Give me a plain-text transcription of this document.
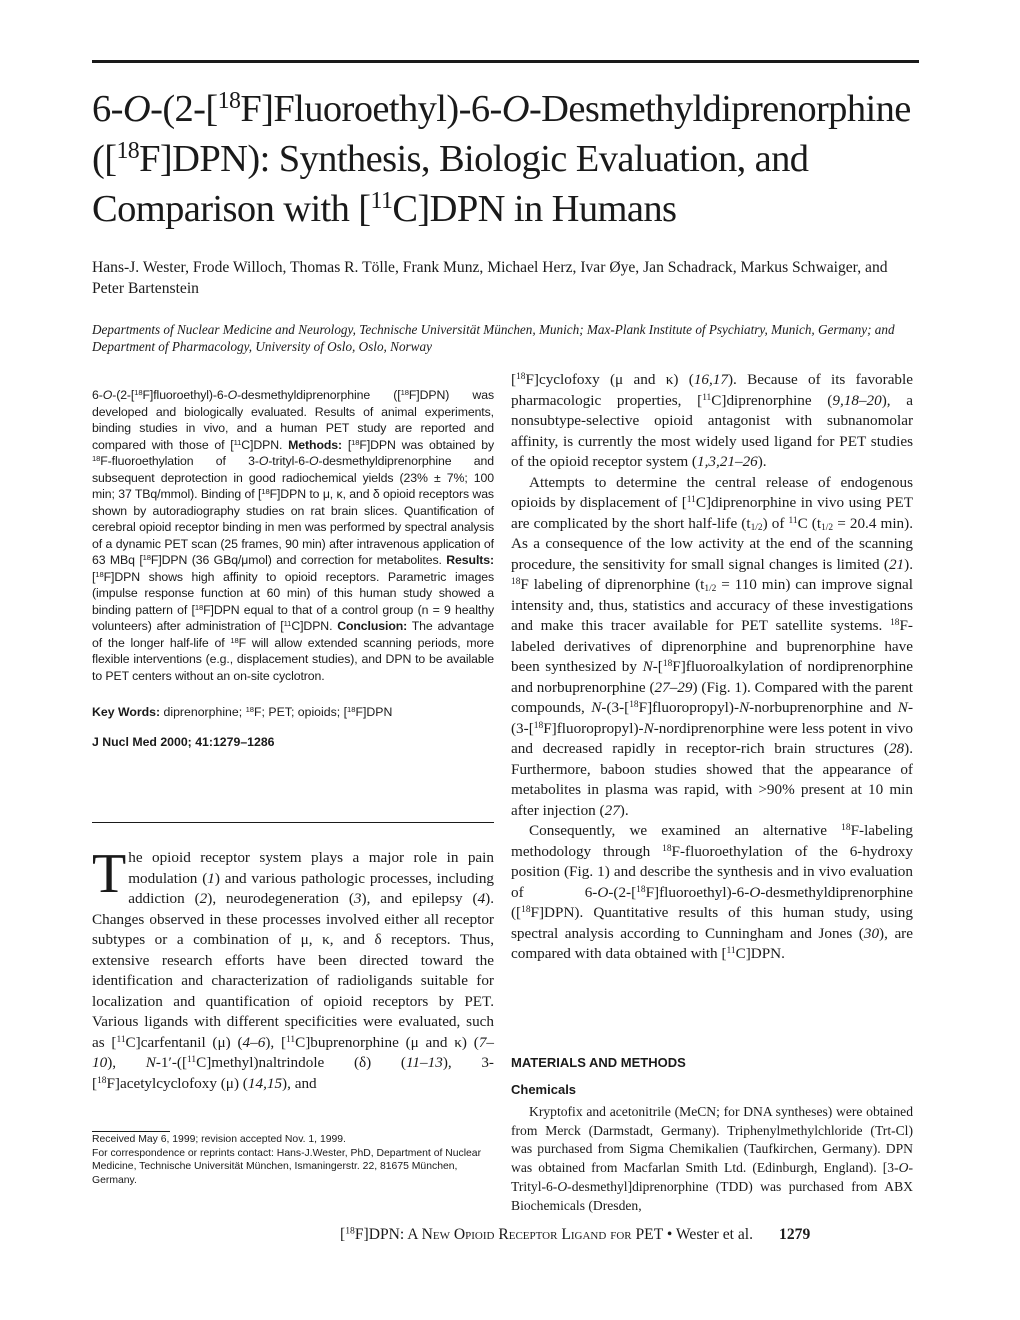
6-O-(2-[$^{18}$F]Fluoroethyl)-6-O-Desmethyldiprenorphine
([$^{18}$F]DPN): Synthesis, Biologic Evaluation, and
Comparison with [$^{11}$C]DPN in Humans
Hans-J. Wester, Frode Willoch, Thomas R. Tölle, Frank Munz, Michael Herz, Ivar Øye, Jan Schadrack, Markus Schwaiger, and Peter Bartenstein
Departments of Nuclear Medicine and Neurology, Technische Universität München, Munich; Max-Plank Institute of Psychiatry, Munich, Germany; and Department of Pharmacology, University of Oslo, Oslo, Norway
6-O-(2-[$^{18}$F]fluoroethyl)-6-O-desmethyldiprenorphine ([$^{18}$F]DPN) was developed and biologically evaluated. Results of animal experiments, binding studies in vivo, and a human PET study are reported and compared with those of [$^{11}$C]DPN. Methods: [$^{18}$F]DPN was obtained by $^{18}$F-fluoroethylation of 3-O-trityl-6-O-desmethyldiprenorphine and subsequent deprotection in good radiochemical yields (23% ± 7%; 100 min; 37 TBq/mmol). Binding of [$^{18}$F]DPN to μ, κ, and δ opioid receptors was shown by autoradiography studies on rat brain slices. Quantification of cerebral opioid receptor binding in men was performed by spectral analysis of a dynamic PET scan (25 frames, 90 min) after intravenous application of 63 MBq [$^{18}$F]DPN (36 GBq/μmol) and correction for metabolites. Results: [$^{18}$F]DPN shows high affinity to opioid receptors. Parametric images (impulse response function at 60 min) of this human study showed a binding pattern of [$^{18}$F]DPN equal to that of a control group (n = 9 healthy volunteers) after administration of [$^{11}$C]DPN. Conclusion: The advantage of the longer half-life of $^{18}$F will allow extended scanning periods, more flexible interventions (e.g., displacement studies), and DPN to be available to PET centers without an on-site cyclotron.
Key Words: diprenorphine; $^{18}$F; PET; opioids; [$^{18}$F]DPN
J Nucl Med 2000; 41:1279–1286
The opioid receptor system plays a major role in pain modulation (1) and various pathologic processes, including addiction (2), neurodegeneration (3), and epilepsy (4). Changes observed in these processes involved either all receptor subtypes or a combination of μ, κ, and δ receptors. Thus, extensive research efforts have been directed toward the identification and characterization of radioligands suitable for localization and quantification of opioid receptors by PET. Various ligands with different specificities were evaluated, such as [$^{11}$C]carfentanil (μ) (4–6), [$^{11}$C]buprenorphine (μ and κ) (7–10), N-1′-([$^{11}$C]methyl)naltrindole (δ) (11–13), 3-[$^{18}$F]acetylcyclofoxy (μ) (14,15), and
Received May 6, 1999; revision accepted Nov. 1, 1999.
For correspondence or reprints contact: Hans-J.Wester, PhD, Department of Nuclear Medicine, Technische Universität München, Ismaningerstr. 22, 81675 München, Germany.

[$^{18}$F]cyclofoxy (μ and κ) (16,17). Because of its favorable pharmacologic properties, [$^{11}$C]diprenorphine (9,18–20), a nonsubtype-selective opioid antagonist with subnanomolar affinity, is currently the most widely used ligand for PET studies of the opioid receptor system (1,3,21–26).

Attempts to determine the central release of endogenous opioids by displacement of [$^{11}$C]diprenorphine in vivo using PET are complicated by the short half-life $(t_{1/2})$ of $^{11}$C ($t_{1/2} = 20.4$ min). As a consequence of the low activity at the end of the scanning procedure, the sensitivity for small signal changes is limited (21). $^{18}$F labeling of diprenorphine ($t_{1/2} = 110$ min) can improve signal intensity and, thus, statistics and accuracy of these investigations and make this tracer available for PET satellite systems. $^{18}$F-labeled derivatives of diprenorphine and buprenorphine have been synthesized by N-[$^{18}$F]fluoroalkylation of nordiprenorphine and norbuprenorphine (27–29) (Fig. 1). Compared with the parent compounds, N-(3-[$^{18}$F]fluoropropyl)-N-norbuprenorphine and N-(3-[$^{18}$F]fluoropropyl)-N-nordiprenorphine were less potent in vivo and decreased rapidly in receptor-rich brain structures (28). Furthermore, baboon studies showed that the appearance of metabolites in plasma was rapid, with >90% present at 10 min after injection (27).

Consequently, we examined an alternative $^{18}$F-labeling methodology through $^{18}$F-fluoroethylation of the 6-hydroxy position (Fig. 1) and describe the synthesis and in vivo evaluation of 6-O-(2-[$^{18}$F]fluoroethyl)-6-O-desmethyldiprenorphine ([$^{18}$F]DPN). Quantitative results of this human study, using spectral analysis according to Cunningham and Jones (30), are compared with data obtained with [$^{11}$C]DPN.

MATERIALS AND METHODS
Chemicals
Kryptofix and acetonitrile (MeCN; for DNA syntheses) were obtained from Merck (Darmstadt, Germany). Triphenylmethylchloride (Trt-Cl) was purchased from Sigma Chemikalien (Taufkirchen, Germany). DPN was obtained from Macfarlan Smith Ltd. (Edinburgh, England). [3-O-Trityl-6-O-desmethyl]diprenorphine (TDD) was purchased from ABX Biochemicals (Dresden,
[$^{18}$F]DPN: A New Opioid Receptor Ligand for PET • Wester et al. 1279
